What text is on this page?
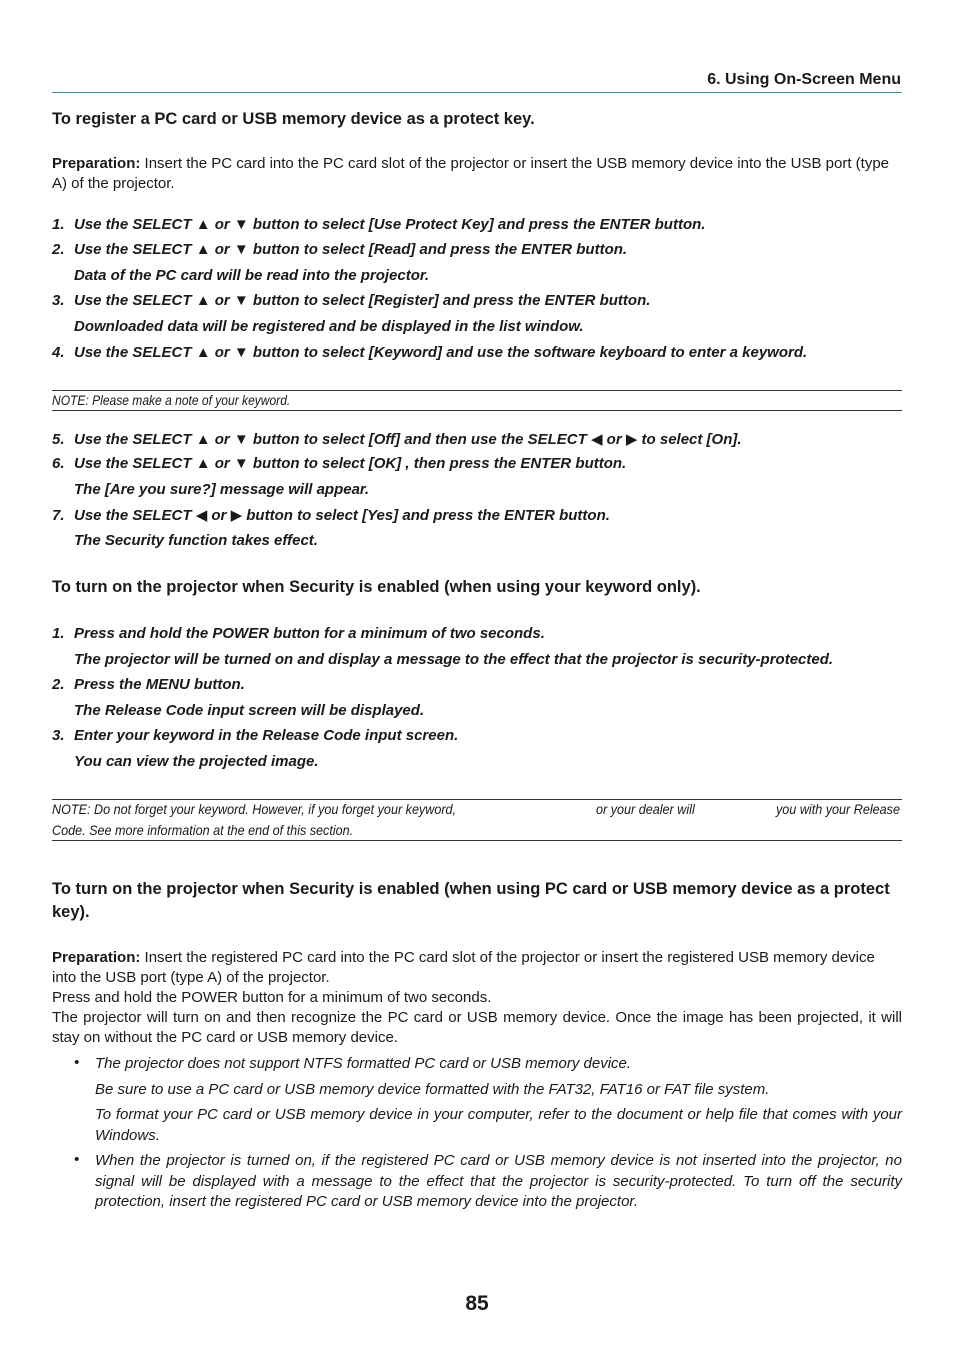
6. Using On-Screen Menu
To register a PC card or USB memory device as a protect key.
Preparation: Insert the PC card into the PC card slot of the projector or insert the USB memory device into the USB port (type A) of the projector.
1. Use the SELECT ▲ or ▼ button to select [Use Protect Key] and press the ENTER button.
2. Use the SELECT ▲ or ▼ button to select [Read] and press the ENTER button.
Data of the PC card will be read into the projector.
3. Use the SELECT ▲ or ▼ button to select [Register] and press the ENTER button.
Downloaded data will be registered and be displayed in the list window.
4. Use the SELECT ▲ or ▼ button to select [Keyword] and use the software keyboard to enter a keyword.
NOTE: Please make a note of your keyword.
5. Use the SELECT ▲ or ▼ button to select [Off] and then use the SELECT ◀ or ▶ to select [On].
6. Use the SELECT ▲ or ▼ button to select [OK] , then press the ENTER button.
The [Are you sure?] message will appear.
7. Use the SELECT ◀ or ▶ button to select [Yes] and press the ENTER button.
The Security function takes effect.
To turn on the projector when Security is enabled (when using your keyword only).
1. Press and hold the POWER button for a minimum of two seconds.
The projector will be turned on and display a message to the effect that the projector is security-protected.
2. Press the MENU button.
The Release Code input screen will be displayed.
3. Enter your keyword in the Release Code input screen.
You can view the projected image.
NOTE: Do not forget your keyword. However, if you forget your keyword,	or your dealer will	you with your Release
Code. See more information at the end of this section.
To turn on the projector when Security is enabled (when using PC card or USB memory device as a protect key).
Preparation: Insert the registered PC card into the PC card slot of the projector or insert the registered USB memory device into the USB port (type A) of the projector.
Press and hold the POWER button for a minimum of two seconds.
The projector will turn on and then recognize the PC card or USB memory device. Once the image has been projected, it will stay on without the PC card or USB memory device.
• The projector does not support NTFS formatted PC card or USB memory device.
Be sure to use a PC card or USB memory device formatted with the FAT32, FAT16 or FAT file system.
To format your PC card or USB memory device in your computer, refer to the document or help file that comes with your Windows.
• When the projector is turned on, if the registered PC card or USB memory device is not inserted into the projector, no signal will be displayed with a message to the effect that the projector is security-protected. To turn off the security protection, insert the registered PC card or USB memory device into the projector.
85
